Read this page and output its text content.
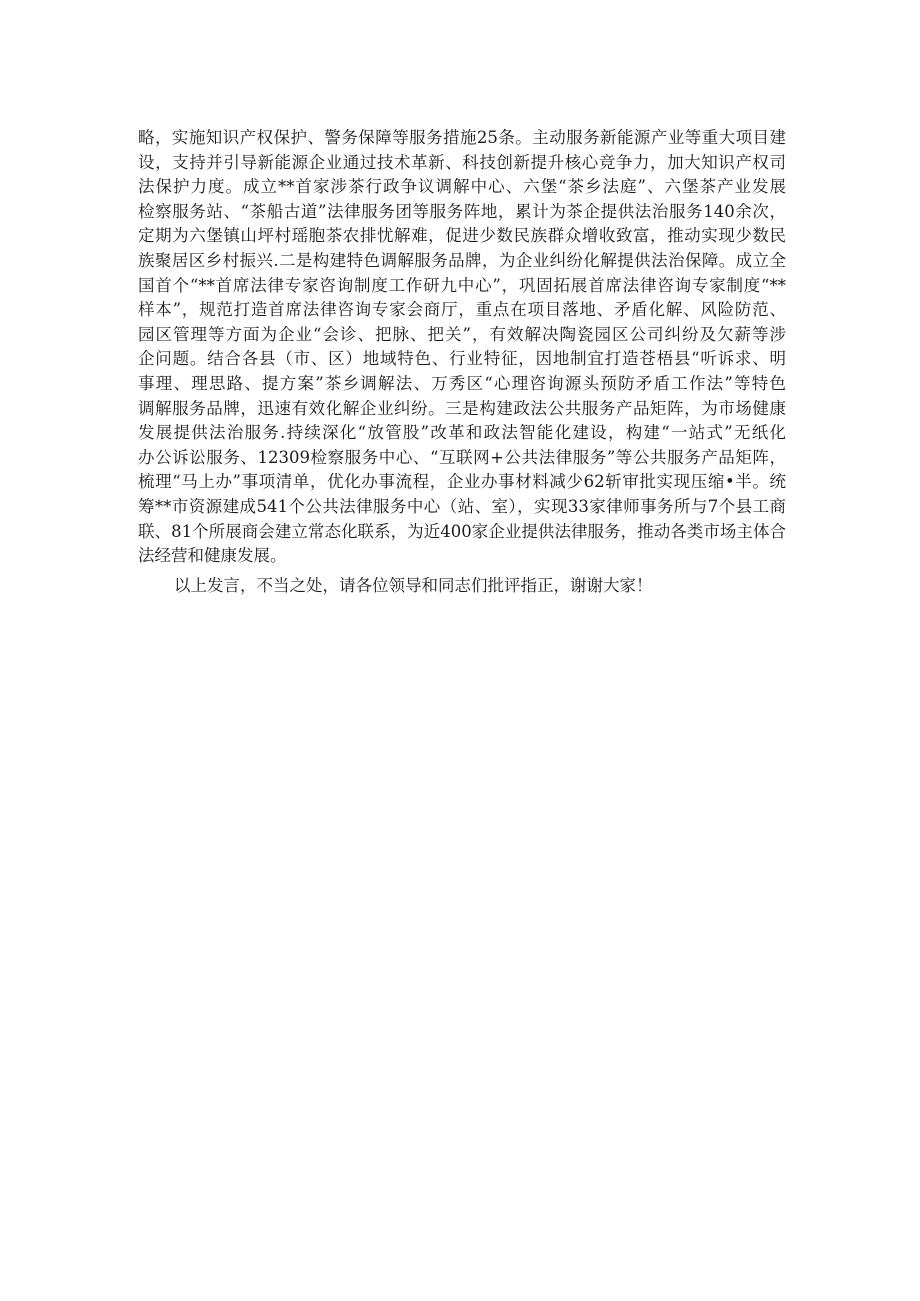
略，实施知识产权保护、警务保障等服务措施25条。主动服务新能源产业等重大项目建
设，支持并引导新能源企业通过技术革新、科技创新提升核心竞争力，加大知识产权司
法保护力度。成立**首家涉茶行政争议调解中心、六堡“茶乡法庭”、六堡茶产业发展
检察服务站、“茶船古道”法律服务团等服务阵地，累计为茶企提供法治服务140余次，
定期为六堡镇山坪村瑶胞茶农排忧解难，促进少数民族群众增收致富，推动实现少数民
族聚居区乡村振兴.二是构建特色调解服务品牌，为企业纠纷化解提供法治保障。成立全
国首个“**首席法律专家咨询制度工作研九中心”，巩固拓展首席法律咨询专家制度“**
样本”，规范打造首席法律咨询专家会商厅，重点在项目落地、矛盾化解、风险防范、
园区管理等方面为企业“会诊、把脉、把关”，有效解决陶瓷园区公司纠纷及欠薪等涉
企问题。结合各县（市、区）地域特色、行业特征，因地制宜打造苍梧县“听诉求、明
事理、理思路、提方案”茶乡调解法、万秀区“心理咨询源头预防矛盾工作法”等特色
调解服务品牌，迅速有效化解企业纠纷。三是构建政法公共服务产品矩阵，为市场健康
发展提供法治服务.持续深化“放管股”改革和政法智能化建设，构建“一站式”无纸化
办公诉讼服务、12309检察服务中心、“互联网+公共法律服务”等公共服务产品矩阵，
梳理“马上办”事项清单，优化办事流程，企业办事材料减少62斩审批实现压缩•半。统
筹**市资源建成541个公共法律服务中心（站、室），实现33家律师事务所与7个县工商
联、81个所展商会建立常态化联系，为近400家企业提供法律服务，推动各类市场主体合
法经营和健康发展。
以上发言，不当之处，请各位领导和同志们批评指正，谢谢大家！
